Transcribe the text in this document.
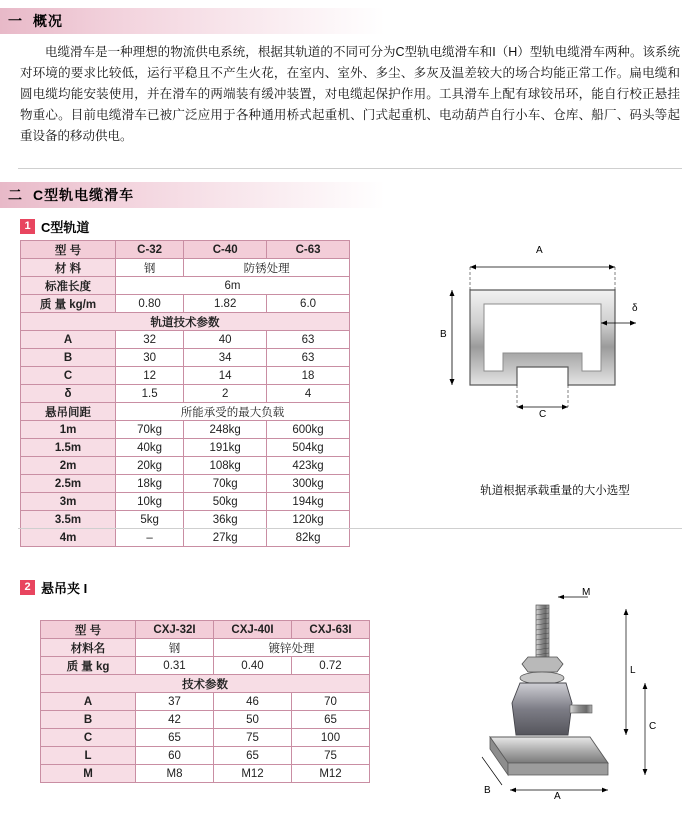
一 概况
电缆滑车是一种理想的物流供电系统，根据其轨道的不同可分为C型轨电缆滑车和I（H）型轨电缆滑车两种。该系统对环境的要求比较低，运行平稳且不产生火花，在室内、室外、多尘、多灰及温差较大的场合均能正常工作。扁电缆和圆电缆均能安装使用，并在滑车的两端装有缓冲装置，对电缆起保护作用。工具滑车上配有球铰吊环，能自行校正悬挂物重心。目前电缆滑车已被广泛应用于各种通用桥式起重机、门式起重机、电动葫芦自行小车、仓库、船厂、码头等起重设备的移动供电。
二 C型轨电缆滑车
1 C型轨道
型 号	C-32	C-40	C-63
材 料	钢	防锈处理	
标准长度	6m		
质 量 kg/m	0.80	1.82	6.0
轨道技术参数			
A	32	40	63
B	30	34	63
C	12	14	18
δ	1.5	2	4
悬吊间距	所能承受的最大负载		
1m	70kg	248kg	600kg
1.5m	40kg	191kg	504kg
2m	20kg	108kg	423kg
2.5m	18kg	70kg	300kg
3m	10kg	50kg	194kg
3.5m	5kg	36kg	120kg
4m	–	27kg	82kg
A
B
C
δ
轨道根据承载重量的大小选型
2 悬吊夹 I
型 号	CXJ-32I	CXJ-40I	CXJ-63I
材料名	钢	镀锌处理	
质 量 kg	0.31	0.40	0.72
技术参数			
A	37	46	70
B	42	50	65
C	65	75	100
L	60	65	75
M	M8	M12	M12
M
L
C
B
A
